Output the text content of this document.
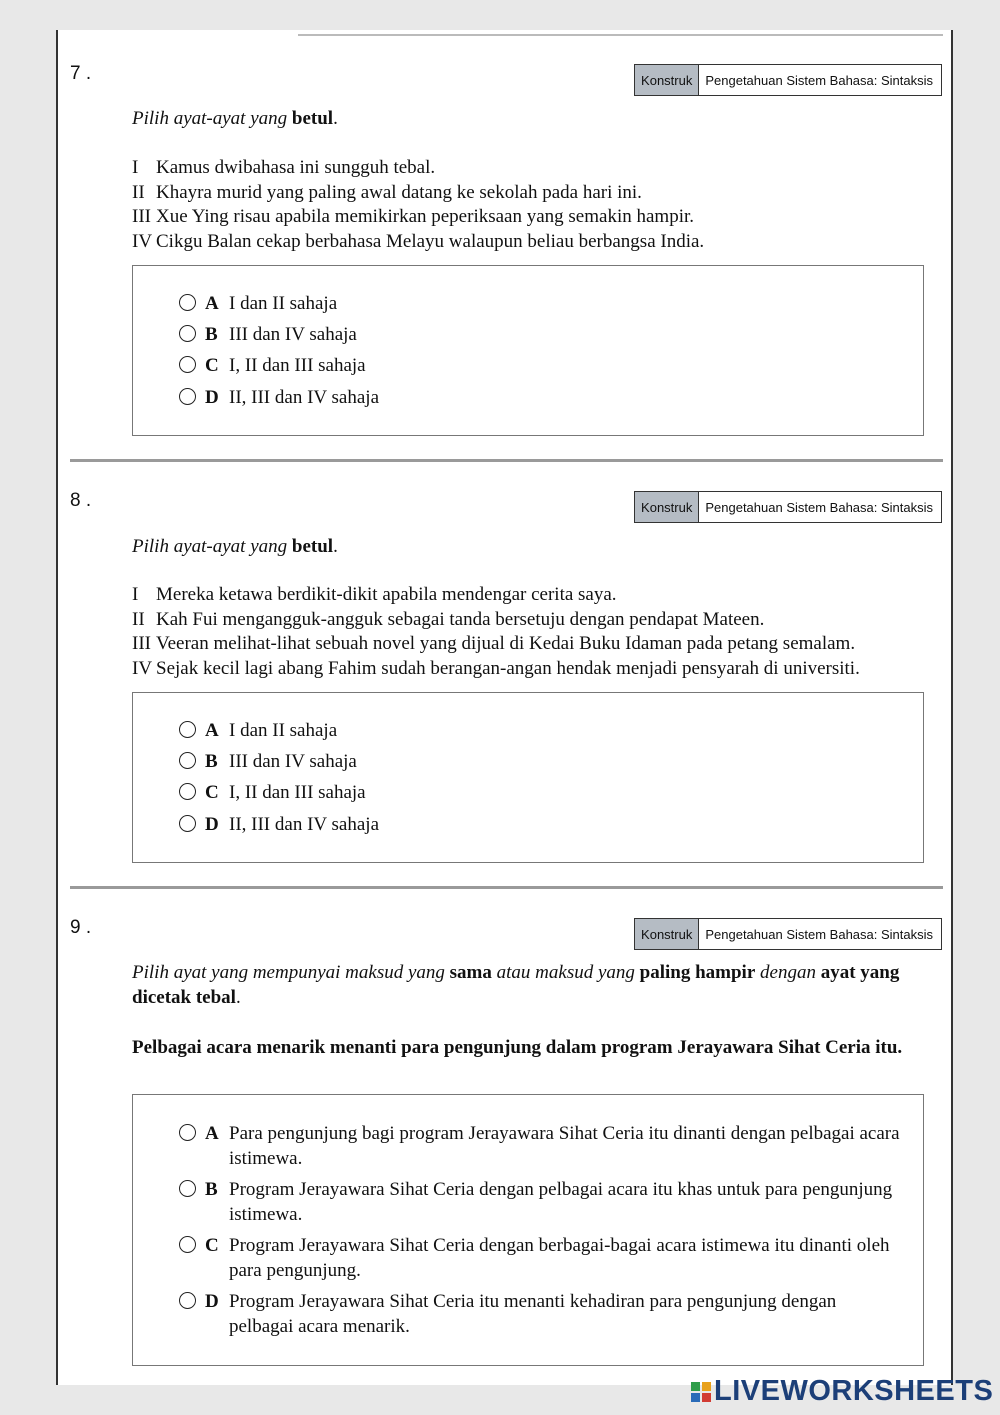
7 .	Konstruk	Pengetahuan Sistem Bahasa: Sintaksis
Pilih ayat-ayat yang betul.
I Kamus dwibahasa ini sungguh tebal.
II Khayra murid yang paling awal datang ke sekolah pada hari ini.
III Xue Ying risau apabila memikirkan peperiksaan yang semakin hampir.
IV Cikgu Balan cekap berbahasa Melayu walaupun beliau berbangsa India.
A I dan II sahaja
B III dan IV sahaja
C I, II dan III sahaja
D II, III dan IV sahaja
8 .	Konstruk	Pengetahuan Sistem Bahasa: Sintaksis
Pilih ayat-ayat yang betul.
I Mereka ketawa berdikit-dikit apabila mendengar cerita saya.
II Kah Fui mengangguk-angguk sebagai tanda bersetuju dengan pendapat Mateen.
III Veeran melihat-lihat sebuah novel yang dijual di Kedai Buku Idaman pada petang semalam.
IV Sejak kecil lagi abang Fahim sudah berangan-angan hendak menjadi pensyarah di universiti.
A I dan II sahaja
B III dan IV sahaja
C I, II dan III sahaja
D II, III dan IV sahaja
9 .	Konstruk	Pengetahuan Sistem Bahasa: Sintaksis
Pilih ayat yang mempunyai maksud yang sama atau maksud yang paling hampir dengan ayat yang dicetak tebal.
Pelbagai acara menarik menanti para pengunjung dalam program Jerayawara Sihat Ceria itu.
A Para pengunjung bagi program Jerayawara Sihat Ceria itu dinanti dengan pelbagai acara istimewa.
B Program Jerayawara Sihat Ceria dengan pelbagai acara itu khas untuk para pengunjung istimewa.
C Program Jerayawara Sihat Ceria dengan berbagai-bagai acara istimewa itu dinanti oleh para pengunjung.
D Program Jerayawara Sihat Ceria itu menanti kehadiran para pengunjung dengan pelbagai acara menarik.
LIVEWORKSHEETS
